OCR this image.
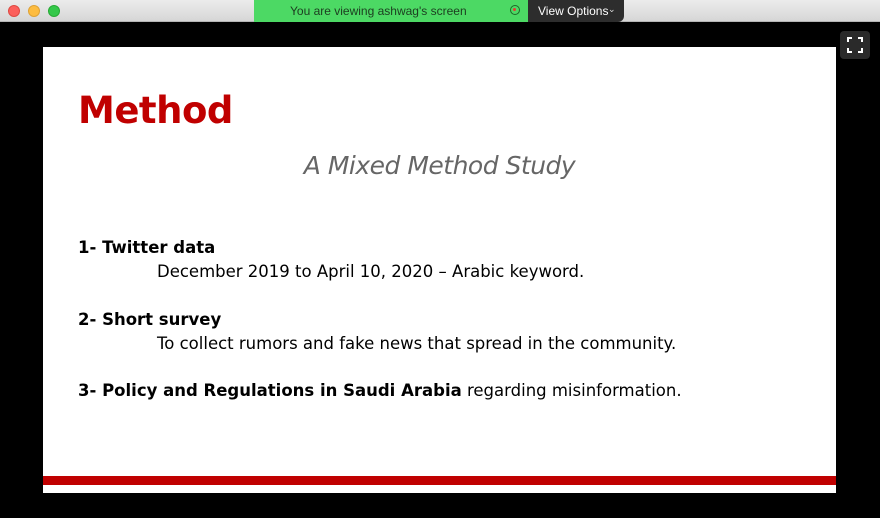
You are viewing ashwag's screen	View Options ⌄
Method
A Mixed Method Study
1- Twitter data
December 2019 to April 10, 2020 – Arabic keyword.
2- Short survey
To collect rumors and fake news that spread in the community.
3- Policy and Regulations in Saudi Arabia regarding misinformation.
